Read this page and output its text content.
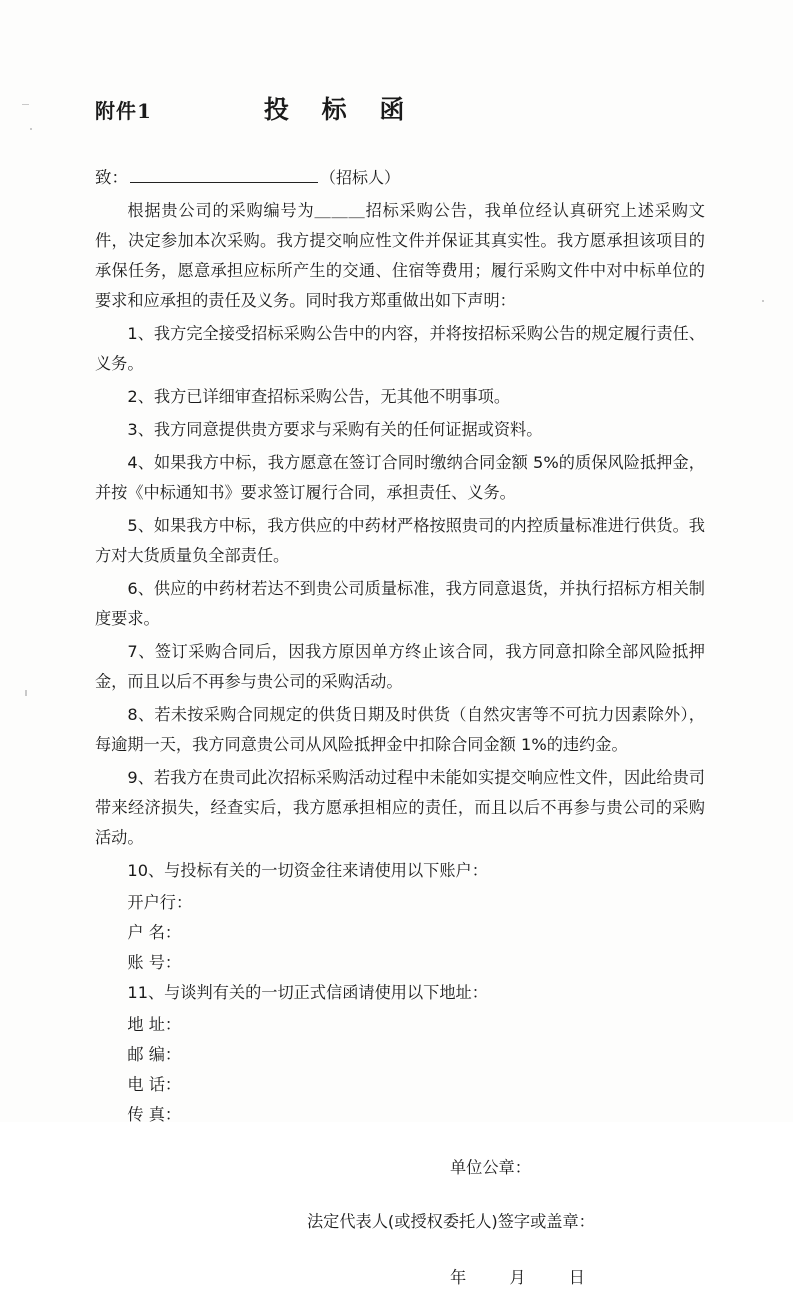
附件1	投 标 函
致：	（招标人）

根据贵公司的采购编号为＿＿＿招标采购公告，我单位经认真研究上述采购文件，决定参加本次采购。我方提交响应性文件并保证其真实性。我方愿承担该项目的承保任务，愿意承担应标所产生的交通、住宿等费用；履行采购文件中对中标单位的要求和应承担的责任及义务。同时我方郑重做出如下声明：

1、我方完全接受招标采购公告中的内容，并将按招标采购公告的规定履行责任、义务。

2、我方已详细审查招标采购公告，无其他不明事项。

3、我方同意提供贵方要求与采购有关的任何证据或资料。

4、如果我方中标，我方愿意在签订合同时缴纳合同金额 5%的质保风险抵押金，并按《中标通知书》要求签订履行合同，承担责任、义务。

5、如果我方中标，我方供应的中药材严格按照贵司的内控质量标准进行供货。我方对大货质量负全部责任。

6、供应的中药材若达不到贵公司质量标准，我方同意退货，并执行招标方相关制度要求。

7、签订采购合同后，因我方原因单方终止该合同，我方同意扣除全部风险抵押金，而且以后不再参与贵公司的采购活动。

8、若未按采购合同规定的供货日期及时供货（自然灾害等不可抗力因素除外），每逾期一天，我方同意贵公司从风险抵押金中扣除合同金额 1%的违约金。

9、若我方在贵司此次招标采购活动过程中未能如实提交响应性文件，因此给贵司带来经济损失，经查实后，我方愿承担相应的责任，而且以后不再参与贵公司的采购活动。

10、与投标有关的一切资金往来请使用以下账户：

开户行：
户 名：
账 号：

11、与谈判有关的一切正式信函请使用以下地址：

地 址：
邮 编：
电 话：
传 真：
单位公章：
法定代表人(或授权委托人)签字或盖章：
年	月	日
